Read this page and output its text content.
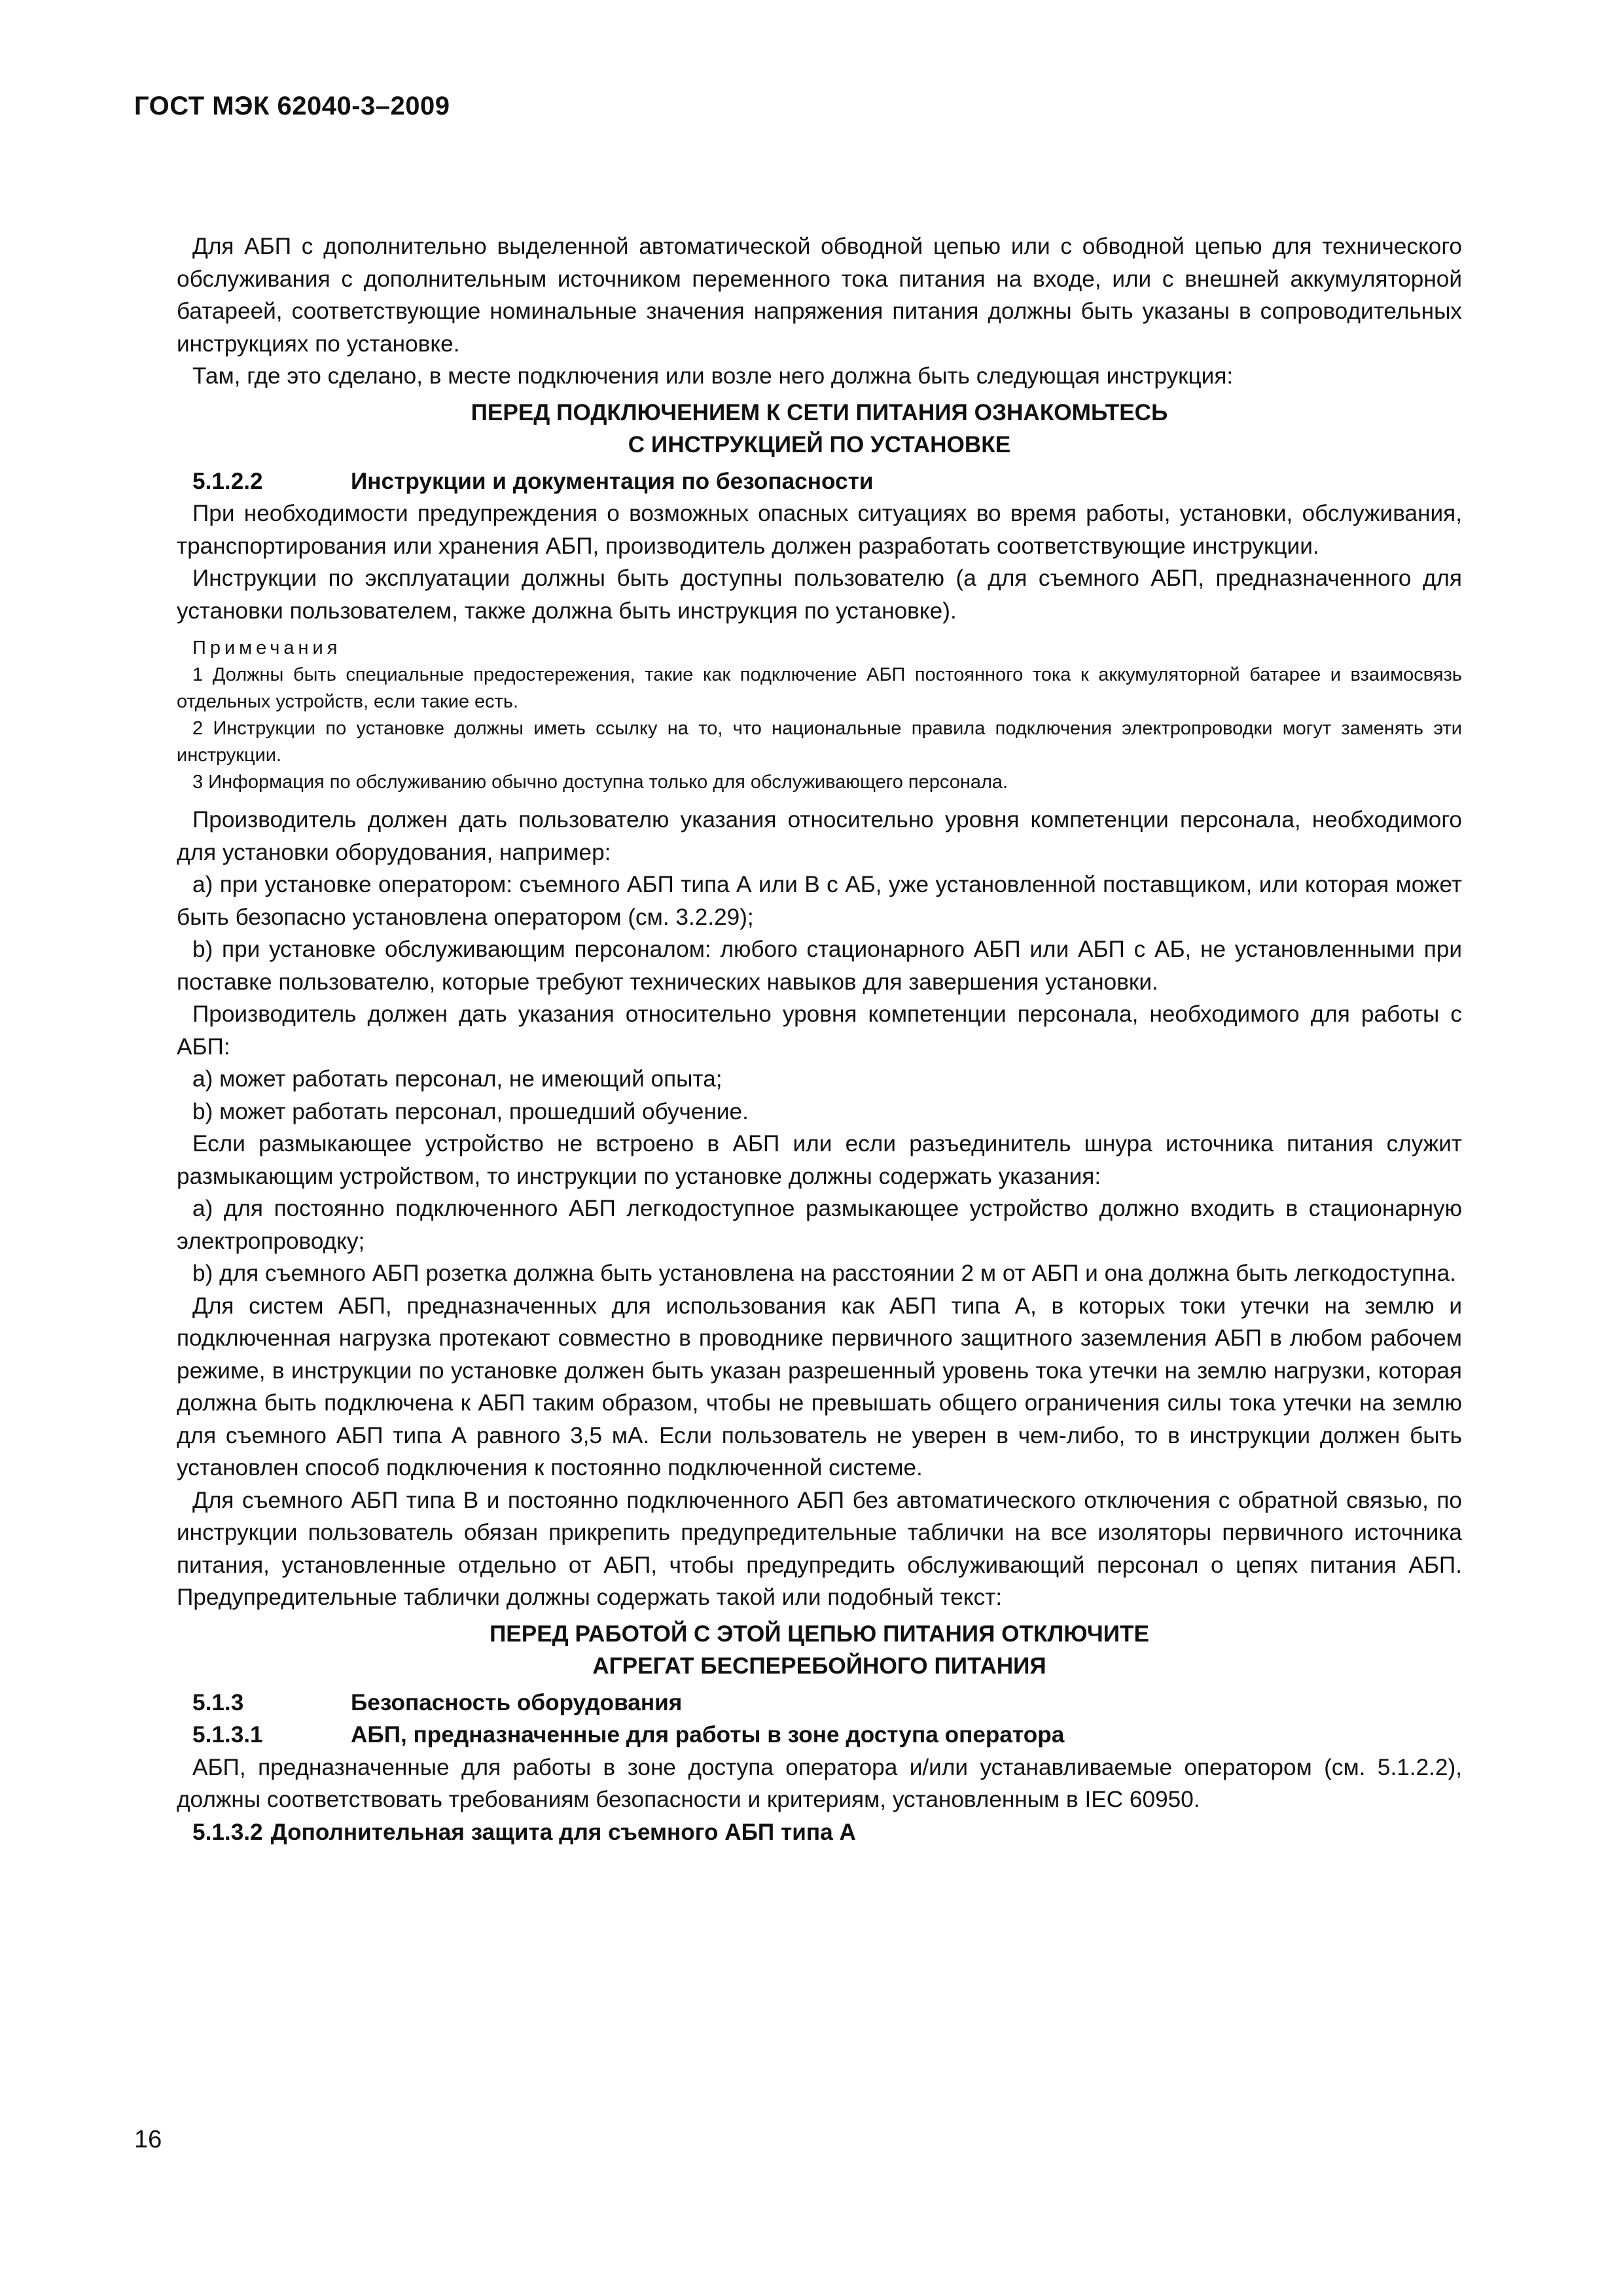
ГОСТ МЭК 62040-3–2009

Для АБП с дополнительно выделенной автоматической обводной цепью или с обводной цепью для технического обслуживания с дополнительным источником переменного тока питания на входе, или с внешней аккумуляторной батареей, соответствующие номинальные значения напряжения питания должны быть указаны в сопроводительных инструкциях по установке.

Там, где это сделано, в месте подключения или возле него должна быть следующая инструкция:

ПЕРЕД ПОДКЛЮЧЕНИЕМ К СЕТИ ПИТАНИЯ ОЗНАКОМЬТЕСЬ
С ИНСТРУКЦИЕЙ ПО УСТАНОВКЕ
5.1.2.2	Инструкции и документация по безопасности

При необходимости предупреждения о возможных опасных ситуациях во время работы, установки, обслуживания, транспортирования или хранения АБП, производитель должен разработать соответствующие инструкции.

Инструкции по эксплуатации должны быть доступны пользователю (а для съемного АБП, предназначенного для установки пользователем, также должна быть инструкция по установке).

Примечания

1 Должны быть специальные предостережения, такие как подключение АБП постоянного тока к аккумуляторной батарее и взаимосвязь отдельных устройств, если такие есть.

2 Инструкции по установке должны иметь ссылку на то, что национальные правила подключения электропроводки могут заменять эти инструкции.

3 Информация по обслуживанию обычно доступна только для обслуживающего персонала.

Производитель должен дать пользователю указания относительно уровня компетенции персонала, необходимого для установки оборудования, например:

а) при установке оператором: съемного АБП типа А или В с АБ, уже установленной поставщиком, или которая может быть безопасно установлена оператором (см. 3.2.29);

b) при установке обслуживающим персоналом: любого стационарного АБП или АБП с АБ, не установленными при поставке пользователю, которые требуют технических навыков для завершения установки.

Производитель должен дать указания относительно уровня компетенции персонала, необходимого для работы с АБП:

а) может работать персонал, не имеющий опыта;

b) может работать персонал, прошедший обучение.

Если размыкающее устройство не встроено в АБП или если разъединитель шнура источника питания служит размыкающим устройством, то инструкции по установке должны содержать указания:

а) для постоянно подключенного АБП легкодоступное размыкающее устройство должно входить в стационарную электропроводку;

b) для съемного АБП розетка должна быть установлена на расстоянии 2 м от АБП и она должна быть легкодоступна.

Для систем АБП, предназначенных для использования как АБП типа А, в которых токи утечки на землю и подключенная нагрузка протекают совместно в проводнике первичного защитного заземления АБП в любом рабочем режиме, в инструкции по установке должен быть указан разрешенный уровень тока утечки на землю нагрузки, которая должна быть подключена к АБП таким образом, чтобы не превышать общего ограничения силы тока утечки на землю для съемного АБП типа А равного 3,5 мА. Если пользователь не уверен в чем-либо, то в инструкции должен быть установлен способ подключения к постоянно подключенной системе.

Для съемного АБП типа В и постоянно подключенного АБП без автоматического отключения с обратной связью, по инструкции пользователь обязан прикрепить предупредительные таблички на все изоляторы первичного источника питания, установленные отдельно от АБП, чтобы предупредить обслуживающий персонал о цепях питания АБП. Предупредительные таблички должны содержать такой или подобный текст:

ПЕРЕД РАБОТОЙ С ЭТОЙ ЦЕПЬЮ ПИТАНИЯ ОТКЛЮЧИТЕ
АГРЕГАТ БЕСПЕРЕБОЙНОГО ПИТАНИЯ
5.1.3	Безопасность оборудования
5.1.3.1	АБП, предназначенные для работы в зоне доступа оператора

АБП, предназначенные для работы в зоне доступа оператора и/или устанавливаемые оператором (см. 5.1.2.2), должны соответствовать требованиям безопасности и критериям, установленным в IEC 60950.

5.1.3.2 Дополнительная защита для съемного АБП типа А
16
